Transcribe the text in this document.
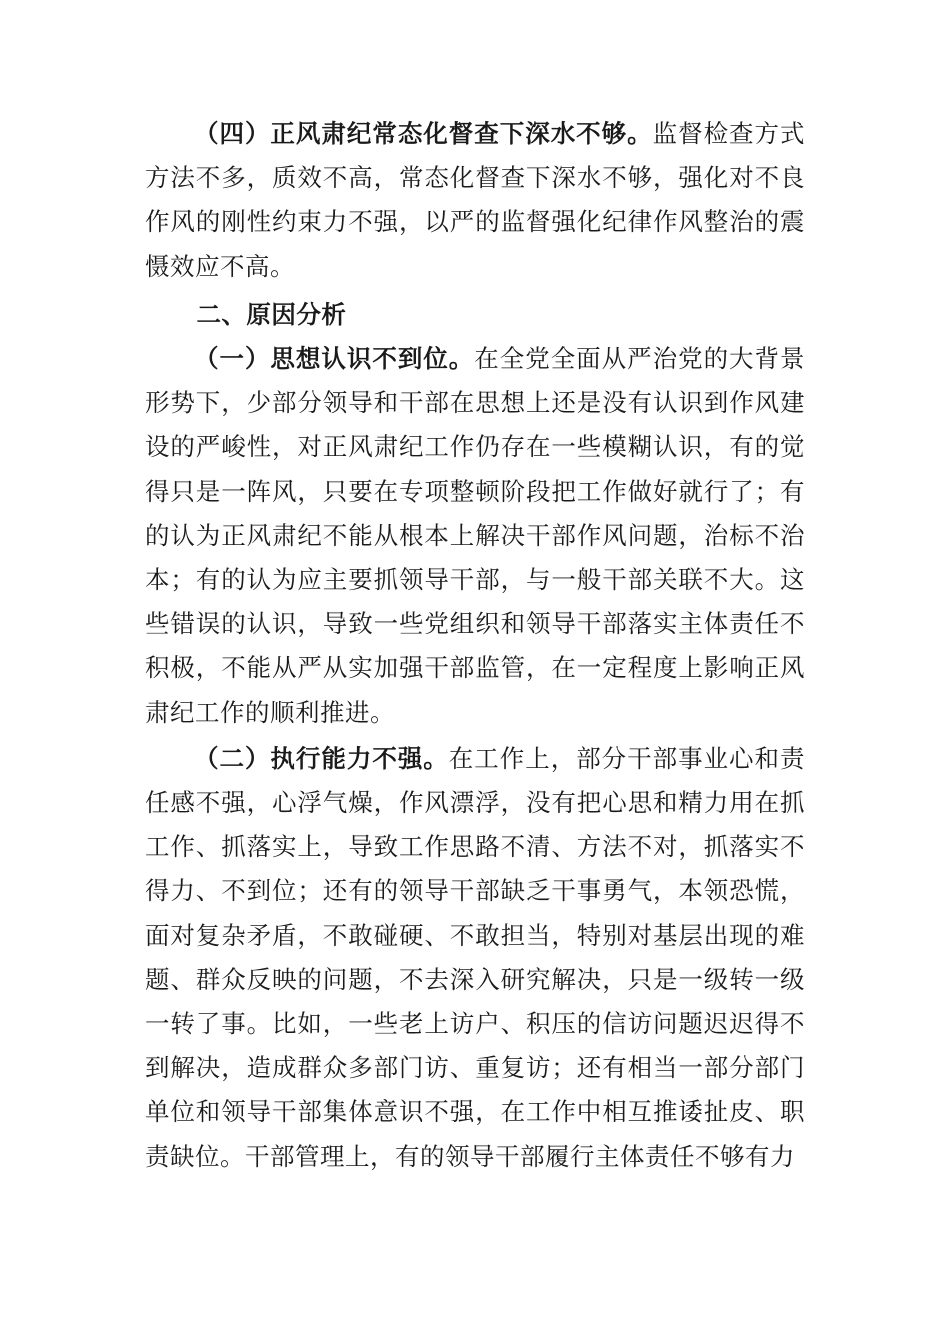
（四）正风肃纪常态化督查下深水不够。监督检查方式方法不多，质效不高，常态化督查下深水不够，强化对不良作风的刚性约束力不强，以严的监督强化纪律作风整治的震慑效应不高。

二、原因分析

（一）思想认识不到位。在全党全面从严治党的大背景形势下，少部分领导和干部在思想上还是没有认识到作风建设的严峻性，对正风肃纪工作仍存在一些模糊认识，有的觉得只是一阵风，只要在专项整顿阶段把工作做好就行了；有的认为正风肃纪不能从根本上解决干部作风问题，治标不治本；有的认为应主要抓领导干部，与一般干部关联不大。这些错误的认识，导致一些党组织和领导干部落实主体责任不积极，不能从严从实加强干部监管，在一定程度上影响正风肃纪工作的顺利推进。

（二）执行能力不强。在工作上，部分干部事业心和责任感不强，心浮气燥，作风漂浮，没有把心思和精力用在抓工作、抓落实上，导致工作思路不清、方法不对，抓落实不得力、不到位；还有的领导干部缺乏干事勇气，本领恐慌，面对复杂矛盾，不敢碰硬、不敢担当，特别对基层出现的难题、群众反映的问题，不去深入研究解决，只是一级转一级一转了事。比如，一些老上访户、积压的信访问题迟迟得不到解决，造成群众多部门访、重复访；还有相当一部分部门单位和领导干部集体意识不强，在工作中相互推诿扯皮、职责缺位。干部管理上，有的领导干部履行主体责任不够有力
